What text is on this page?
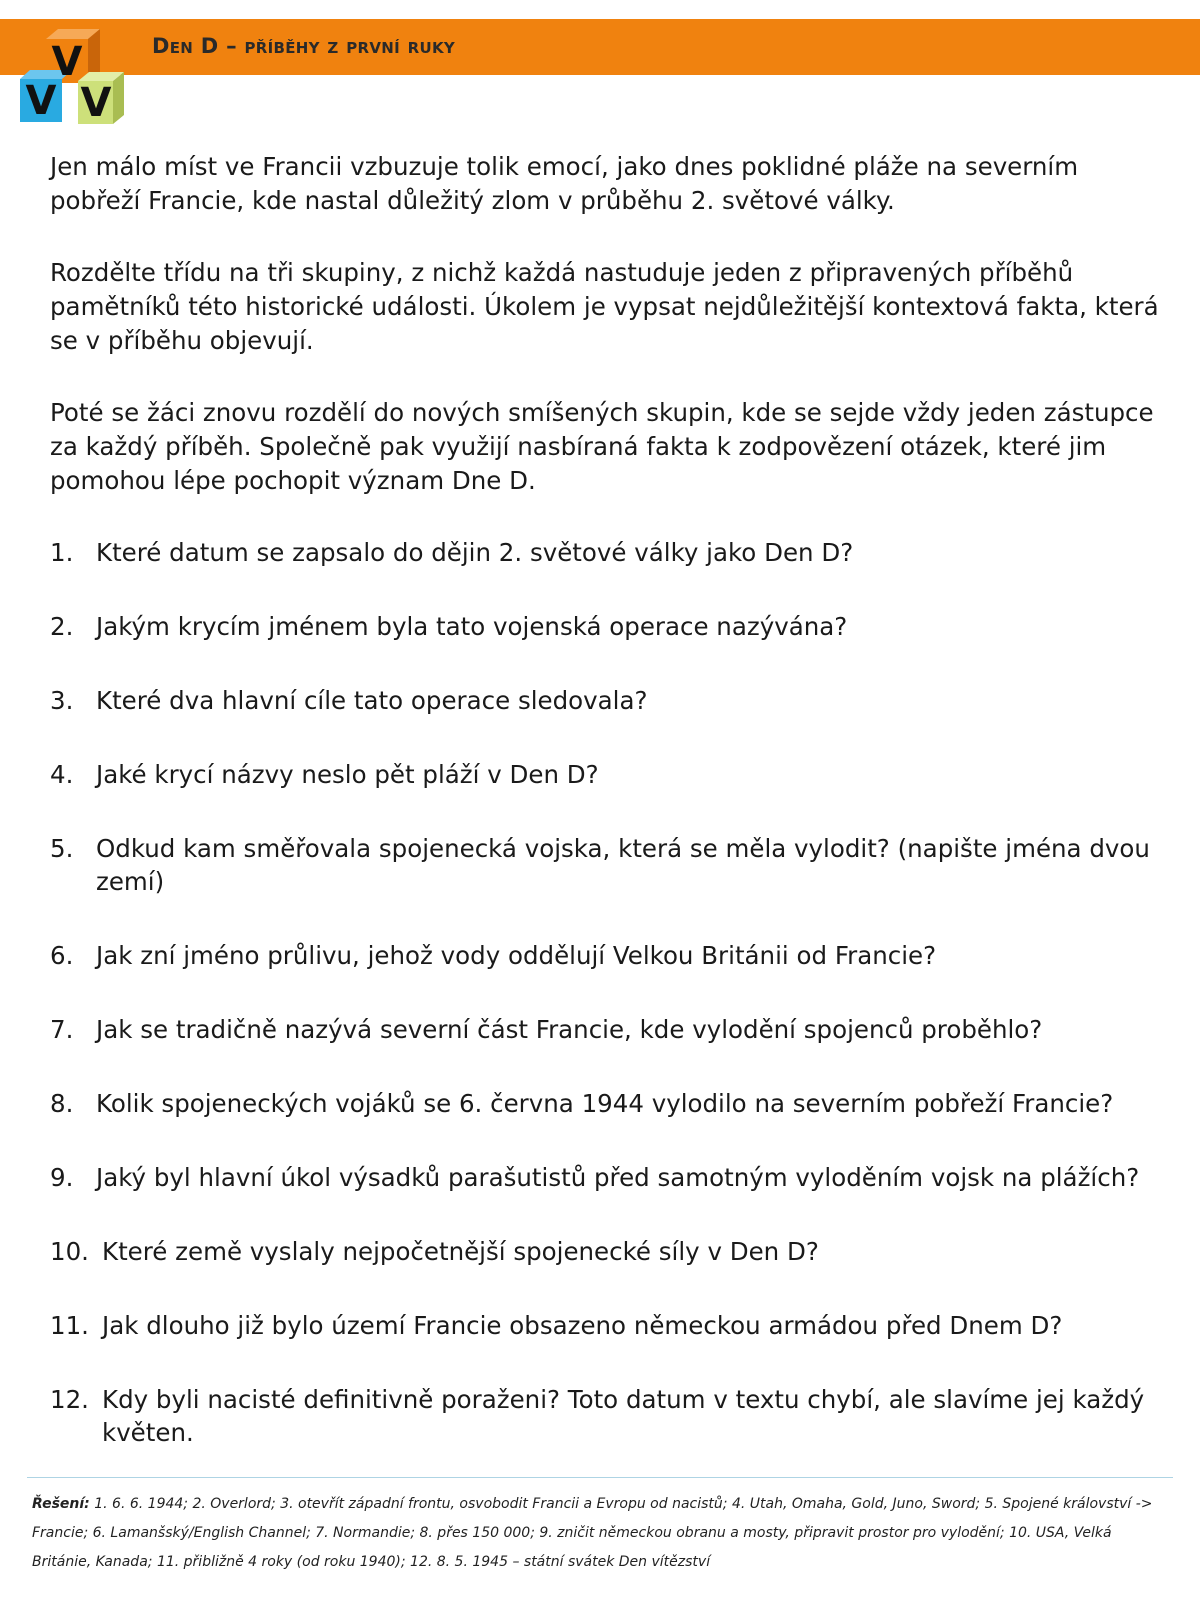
V
V V
Den D – příběhy z první ruky

Jen málo míst ve Francii vzbuzuje tolik emocí, jako dnes poklidné pláže na severním pobřeží Francie, kde nastal důležitý zlom v průběhu 2. světové války.

Rozdělte třídu na tři skupiny, z nichž každá nastuduje jeden z připravených příběhů pamětníků této historické události. Úkolem je vypsat nejdůležitější kontextová fakta, která se v příběhu objevují.

Poté se žáci znovu rozdělí do nových smíšených skupin, kde se sejde vždy jeden zástupce za každý příběh. Společně pak využijí nasbíraná fakta k zodpovězení otázek, které jim pomohou lépe pochopit význam Dne D.

1. Které datum se zapsalo do dějin 2. světové války jako Den D?
2. Jakým krycím jménem byla tato vojenská operace nazývána?
3. Které dva hlavní cíle tato operace sledovala?
4. Jaké krycí názvy neslo pět pláží v Den D?
5. Odkud kam směřovala spojenecká vojska, která se měla vylodit? (napište jména dvou zemí)
6. Jak zní jméno průlivu, jehož vody oddělují Velkou Británii od Francie?
7. Jak se tradičně nazývá severní část Francie, kde vylodění spojenců proběhlo?
8. Kolik spojeneckých vojáků se 6. června 1944 vylodilo na severním pobřeží Francie?
9. Jaký byl hlavní úkol výsadků parašutistů před samotným vyloděním vojsk na plážích?
10. Které země vyslaly nejpočetnější spojenecké síly v Den D?
11. Jak dlouho již bylo území Francie obsazeno německou armádou před Dnem D?
12. Kdy byli nacisté definitivně poraženi? Toto datum v textu chybí, ale slavíme jej každý květen.
Řešení: 1. 6. 6. 1944; 2. Overlord; 3. otevřít západní frontu, osvobodit Francii a Evropu od nacistů; 4. Utah, Omaha, Gold, Juno, Sword; 5. Spojené království -> Francie; 6. Lamanšský/English Channel; 7. Normandie; 8. přes 150 000; 9. zničit německou obranu a mosty, připravit prostor pro vylodění; 10. USA, Velká Británie, Kanada; 11. přibližně 4 roky (od roku 1940); 12. 8. 5. 1945 – státní svátek Den vítězství
